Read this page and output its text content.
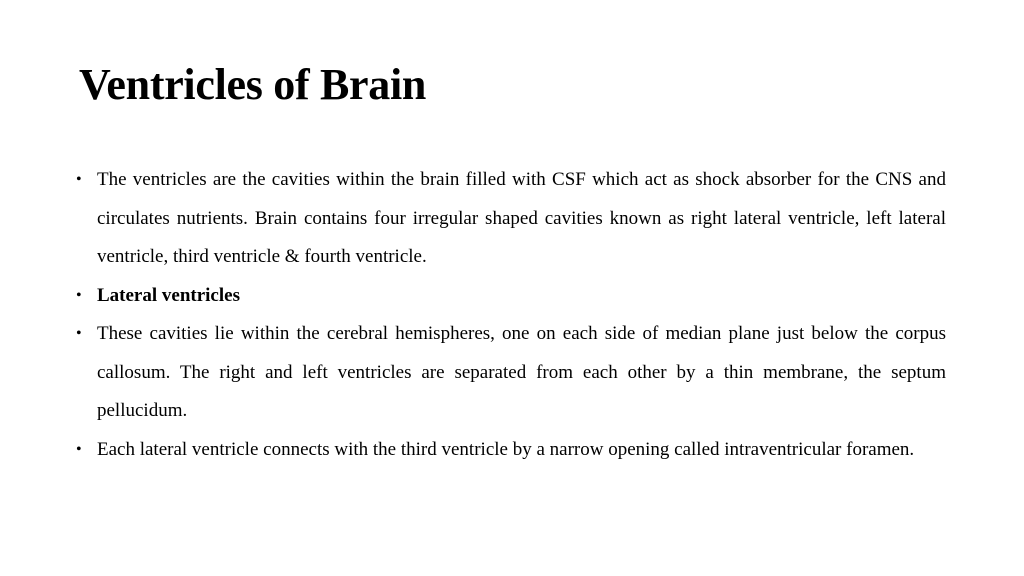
Ventricles of Brain
• The ventricles are the cavities within the brain filled with CSF which act as shock absorber for the CNS and circulates nutrients. Brain contains four irregular shaped cavities known as right lateral ventricle, left lateral ventricle, third ventricle & fourth ventricle.
• Lateral ventricles
• These cavities lie within the cerebral hemispheres, one on each side of median plane just below the corpus callosum. The right and left ventricles are separated from each other by a thin membrane, the septum pellucidum.
• Each lateral ventricle connects with the third ventricle by a narrow opening called intraventricular foramen.
